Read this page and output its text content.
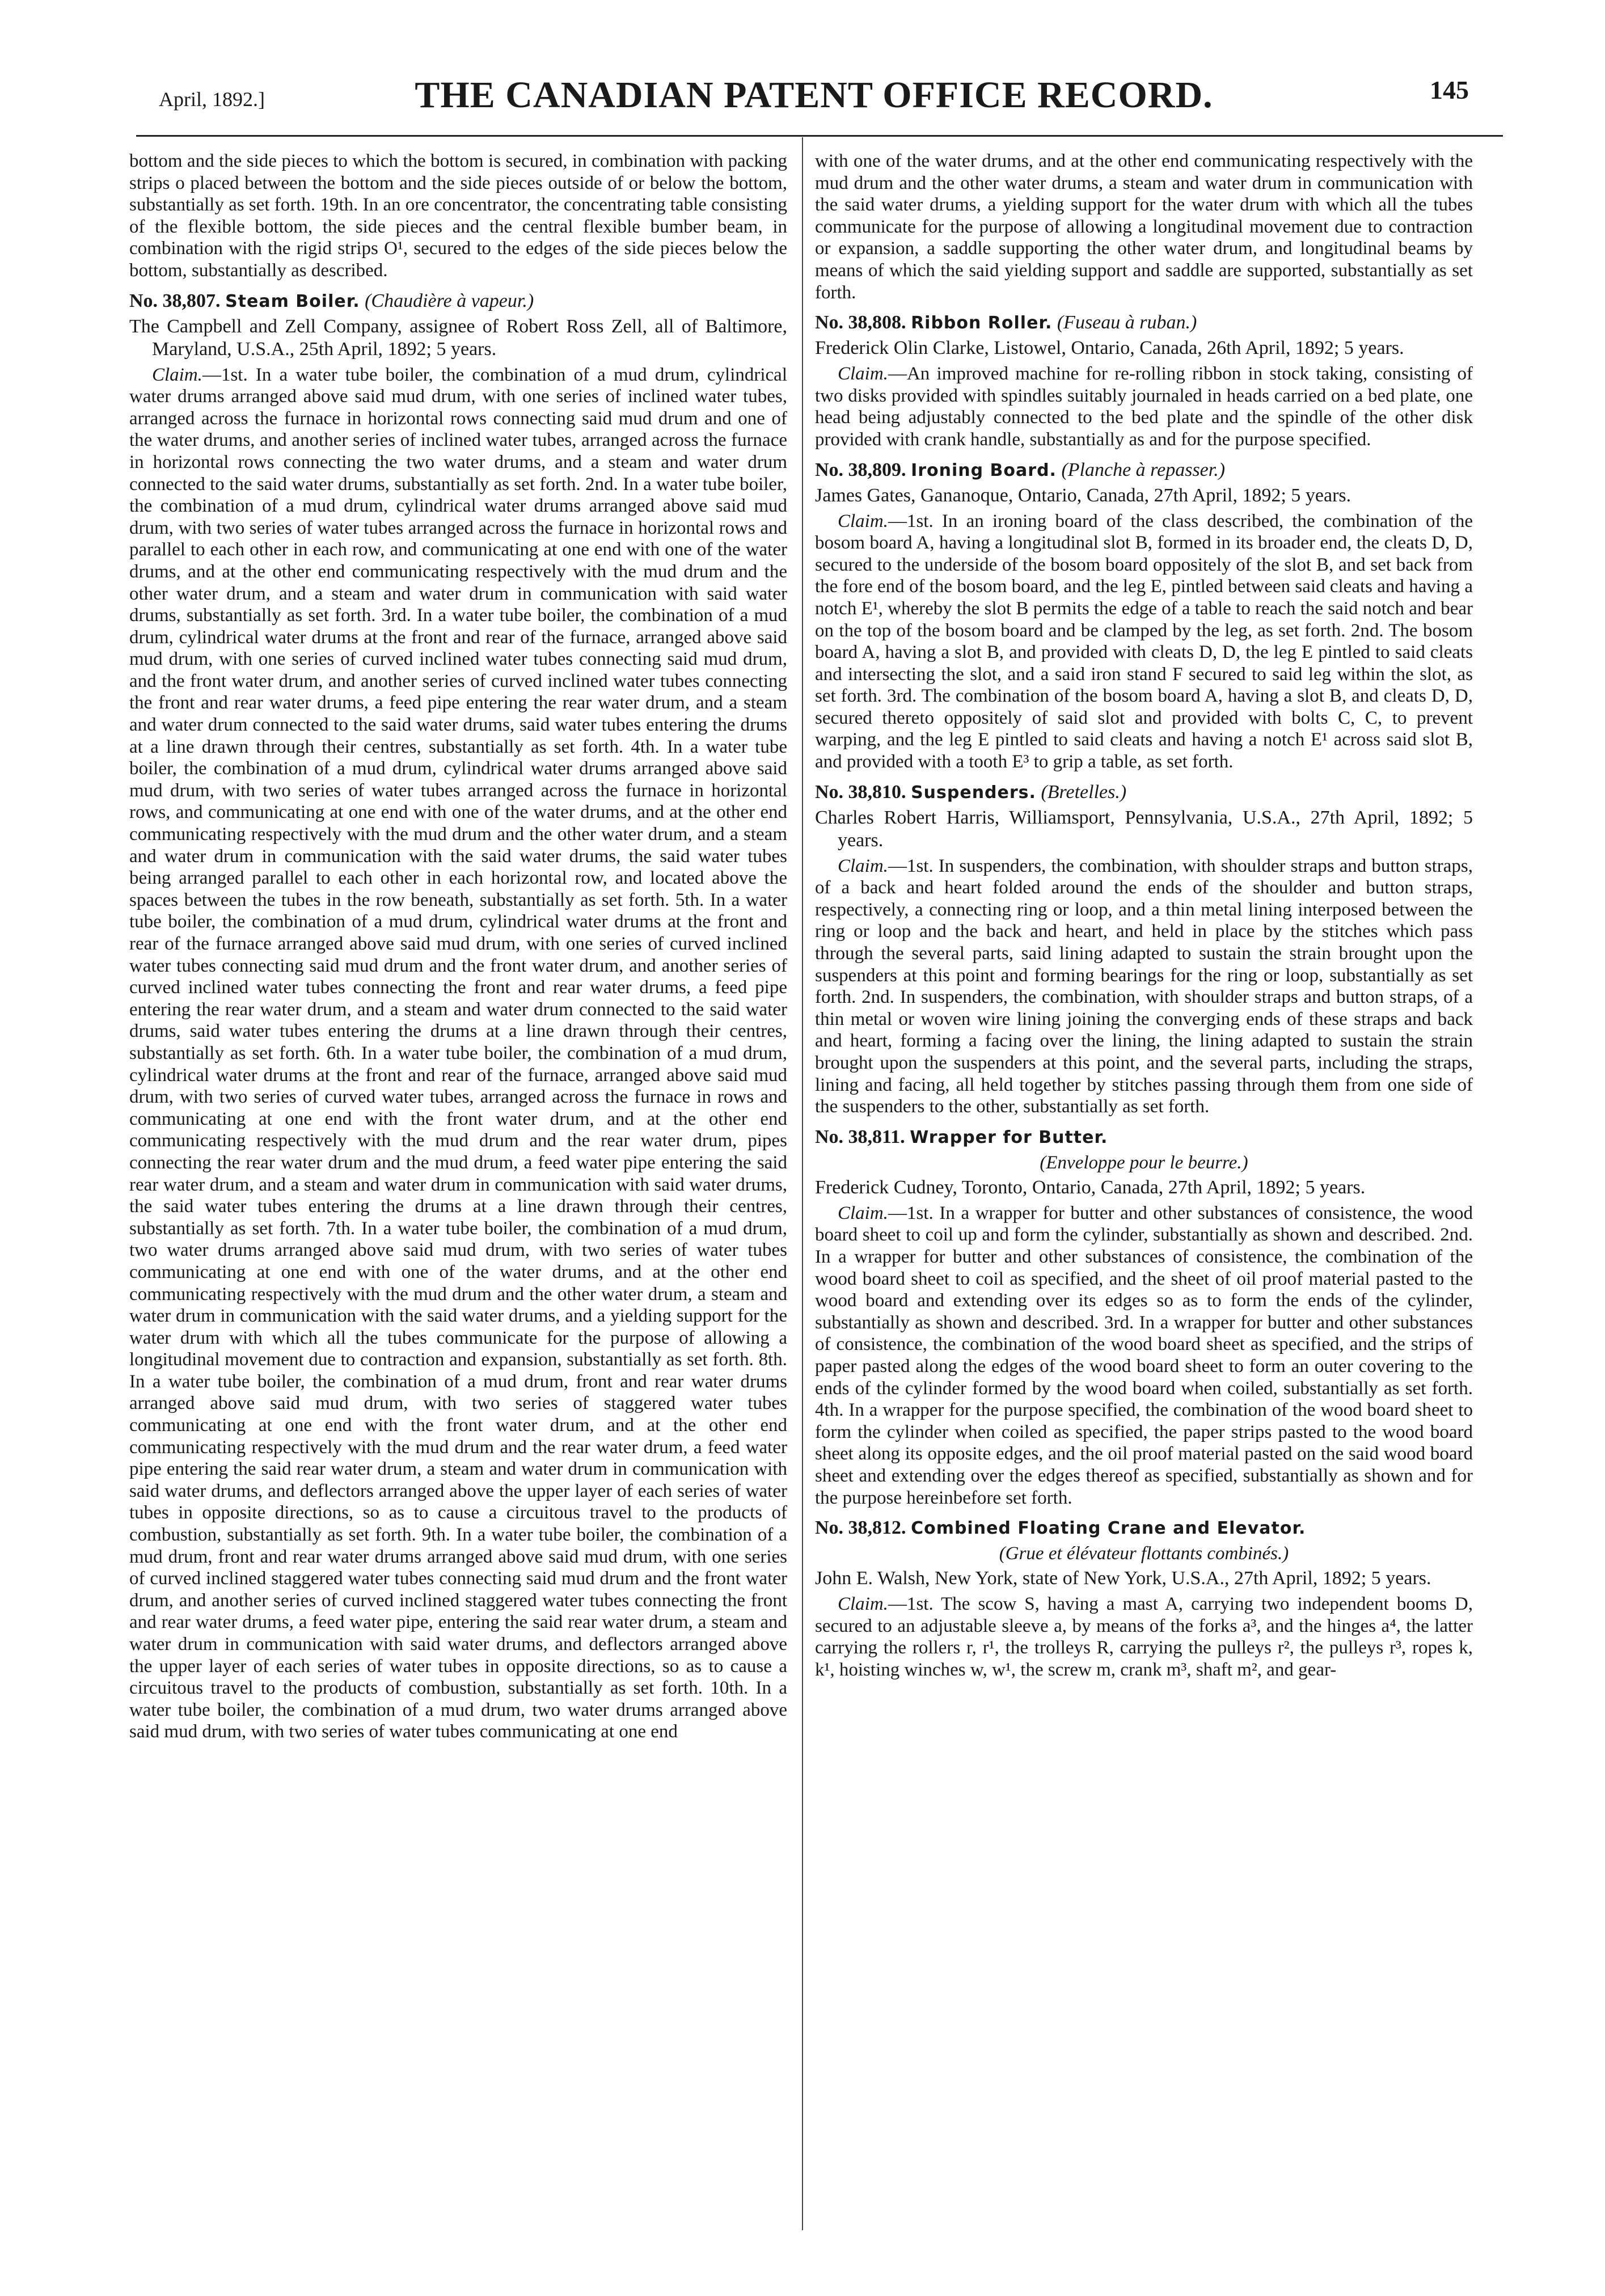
April, 1892.]	THE CANADIAN PATENT OFFICE RECORD.	145

bottom and the side pieces to which the bottom is secured, in combination with packing strips o placed between the bottom and the side pieces outside of or below the bottom, substantially as set forth. 19th. In an ore concentrator, the concentrating table consisting of the flexible bottom, the side pieces and the central flexible bumber beam, in combination with the rigid strips O¹, secured to the edges of the side pieces below the bottom, substantially as described.

No. 38,807. Steam Boiler. (Chaudière à vapeur.)
The Campbell and Zell Company, assignee of Robert Ross Zell, all of Baltimore, Maryland, U.S.A., 25th April, 1892; 5 years.

Claim.—1st. In a water tube boiler, the combination of a mud drum, cylindrical water drums arranged above said mud drum, with one series of inclined water tubes, arranged across the furnace in horizontal rows connecting said mud drum and one of the water drums, and another series of inclined water tubes, arranged across the furnace in horizontal rows connecting the two water drums, and a steam and water drum connected to the said water drums, substantially as set forth. 2nd. In a water tube boiler, the combination of a mud drum, cylindrical water drums arranged above said mud drum, with two series of water tubes arranged across the furnace in horizontal rows and parallel to each other in each row, and communicating at one end with one of the water drums, and at the other end communicating respectively with the mud drum and the other water drum, and a steam and water drum in communication with said water drums, substantially as set forth. 3rd. In a water tube boiler, the combination of a mud drum, cylindrical water drums at the front and rear of the furnace, arranged above said mud drum, with one series of curved inclined water tubes connecting said mud drum, and the front water drum, and another series of curved inclined water tubes connecting the front and rear water drums, a feed pipe entering the rear water drum, and a steam and water drum connected to the said water drums, said water tubes entering the drums at a line drawn through their centres, substantially as set forth. 4th. In a water tube boiler, the combination of a mud drum, cylindrical water drums arranged above said mud drum, with two series of water tubes arranged across the furnace in horizontal rows, and communicating at one end with one of the water drums, and at the other end communicating respectively with the mud drum and the other water drum, and a steam and water drum in communication with the said water drums, the said water tubes being arranged parallel to each other in each horizontal row, and located above the spaces between the tubes in the row beneath, substantially as set forth. 5th. In a water tube boiler, the combination of a mud drum, cylindrical water drums at the front and rear of the furnace arranged above said mud drum, with one series of curved inclined water tubes connecting said mud drum and the front water drum, and another series of curved inclined water tubes connecting the front and rear water drums, a feed pipe entering the rear water drum, and a steam and water drum connected to the said water drums, said water tubes entering the drums at a line drawn through their centres, substantially as set forth. 6th. In a water tube boiler, the combination of a mud drum, cylindrical water drums at the front and rear of the furnace, arranged above said mud drum, with two series of curved water tubes, arranged across the furnace in rows and communicating at one end with the front water drum, and at the other end communicating respectively with the mud drum and the rear water drum, pipes connecting the rear water drum and the mud drum, a feed water pipe entering the said rear water drum, and a steam and water drum in communication with said water drums, the said water tubes entering the drums at a line drawn through their centres, substantially as set forth. 7th. In a water tube boiler, the combination of a mud drum, two water drums arranged above said mud drum, with two series of water tubes communicating at one end with one of the water drums, and at the other end communicating respectively with the mud drum and the other water drum, a steam and water drum in communication with the said water drums, and a yielding support for the water drum with which all the tubes communicate for the purpose of allowing a longitudinal movement due to contraction and expansion, substantially as set forth. 8th. In a water tube boiler, the combination of a mud drum, front and rear water drums arranged above said mud drum, with two series of staggered water tubes communicating at one end with the front water drum, and at the other end communicating respectively with the mud drum and the rear water drum, a feed water pipe entering the said rear water drum, a steam and water drum in communication with said water drums, and deflectors arranged above the upper layer of each series of water tubes in opposite directions, so as to cause a circuitous travel to the products of combustion, substantially as set forth. 9th. In a water tube boiler, the combination of a mud drum, front and rear water drums arranged above said mud drum, with one series of curved inclined staggered water tubes connecting said mud drum and the front water drum, and another series of curved inclined staggered water tubes connecting the front and rear water drums, a feed water pipe, entering the said rear water drum, a steam and water drum in communication with said water drums, and deflectors arranged above the upper layer of each series of water tubes in opposite directions, so as to cause a circuitous travel to the products of combustion, substantially as set forth. 10th. In a water tube boiler, the combination of a mud drum, two water drums arranged above said mud drum, with two series of water tubes communicating at one end

with one of the water drums, and at the other end communicating respectively with the mud drum and the other water drums, a steam and water drum in communication with the said water drums, a yielding support for the water drum with which all the tubes communicate for the purpose of allowing a longitudinal movement due to contraction or expansion, a saddle supporting the other water drum, and longitudinal beams by means of which the said yielding support and saddle are supported, substantially as set forth.

No. 38,808. Ribbon Roller. (Fuseau à ruban.)
Frederick Olin Clarke, Listowel, Ontario, Canada, 26th April, 1892; 5 years.

Claim.—An improved machine for re-rolling ribbon in stock taking, consisting of two disks provided with spindles suitably journaled in heads carried on a bed plate, one head being adjustably connected to the bed plate and the spindle of the other disk provided with crank handle, substantially as and for the purpose specified.

No. 38,809. Ironing Board. (Planche à repasser.)
James Gates, Gananoque, Ontario, Canada, 27th April, 1892; 5 years.

Claim.—1st. In an ironing board of the class described, the combination of the bosom board A, having a longitudinal slot B, formed in its broader end, the cleats D, D, secured to the underside of the bosom board oppositely of the slot B, and set back from the fore end of the bosom board, and the leg E, pintled between said cleats and having a notch E¹, whereby the slot B permits the edge of a table to reach the said notch and bear on the top of the bosom board and be clamped by the leg, as set forth. 2nd. The bosom board A, having a slot B, and provided with cleats D, D, the leg E pintled to said cleats and intersecting the slot, and a said iron stand F secured to said leg within the slot, as set forth. 3rd. The combination of the bosom board A, having a slot B, and cleats D, D, secured thereto oppositely of said slot and provided with bolts C, C, to prevent warping, and the leg E pintled to said cleats and having a notch E¹ across said slot B, and provided with a tooth E³ to grip a table, as set forth.

No. 38,810. Suspenders. (Bretelles.)
Charles Robert Harris, Williamsport, Pennsylvania, U.S.A., 27th April, 1892; 5 years.

Claim.—1st. In suspenders, the combination, with shoulder straps and button straps, of a back and heart folded around the ends of the shoulder and button straps, respectively, a connecting ring or loop, and a thin metal lining interposed between the ring or loop and the back and heart, and held in place by the stitches which pass through the several parts, said lining adapted to sustain the strain brought upon the suspenders at this point and forming bearings for the ring or loop, substantially as set forth. 2nd. In suspenders, the combination, with shoulder straps and button straps, of a thin metal or woven wire lining joining the converging ends of these straps and back and heart, forming a facing over the lining, the lining adapted to sustain the strain brought upon the suspenders at this point, and the several parts, including the straps, lining and facing, all held together by stitches passing through them from one side of the suspenders to the other, substantially as set forth.

No. 38,811. Wrapper for Butter.
(Enveloppe pour le beurre.)
Frederick Cudney, Toronto, Ontario, Canada, 27th April, 1892; 5 years.

Claim.—1st. In a wrapper for butter and other substances of consistence, the wood board sheet to coil up and form the cylinder, substantially as shown and described. 2nd. In a wrapper for butter and other substances of consistence, the combination of the wood board sheet to coil as specified, and the sheet of oil proof material pasted to the wood board and extending over its edges so as to form the ends of the cylinder, substantially as shown and described. 3rd. In a wrapper for butter and other substances of consistence, the combination of the wood board sheet as specified, and the strips of paper pasted along the edges of the wood board sheet to form an outer covering to the ends of the cylinder formed by the wood board when coiled, substantially as set forth. 4th. In a wrapper for the purpose specified, the combination of the wood board sheet to form the cylinder when coiled as specified, the paper strips pasted to the wood board sheet along its opposite edges, and the oil proof material pasted on the said wood board sheet and extending over the edges thereof as specified, substantially as shown and for the purpose hereinbefore set forth.

No. 38,812. Combined Floating Crane and Elevator.
(Grue et élévateur flottants combinés.)
John E. Walsh, New York, state of New York, U.S.A., 27th April, 1892; 5 years.

Claim.—1st. The scow S, having a mast A, carrying two independent booms D, secured to an adjustable sleeve a, by means of the forks a³, and the hinges a⁴, the latter carrying the rollers r, r¹, the trolleys R, carrying the pulleys r², the pulleys r³, ropes k, k¹, hoisting winches w, w¹, the screw m, crank m³, shaft m², and gear-
